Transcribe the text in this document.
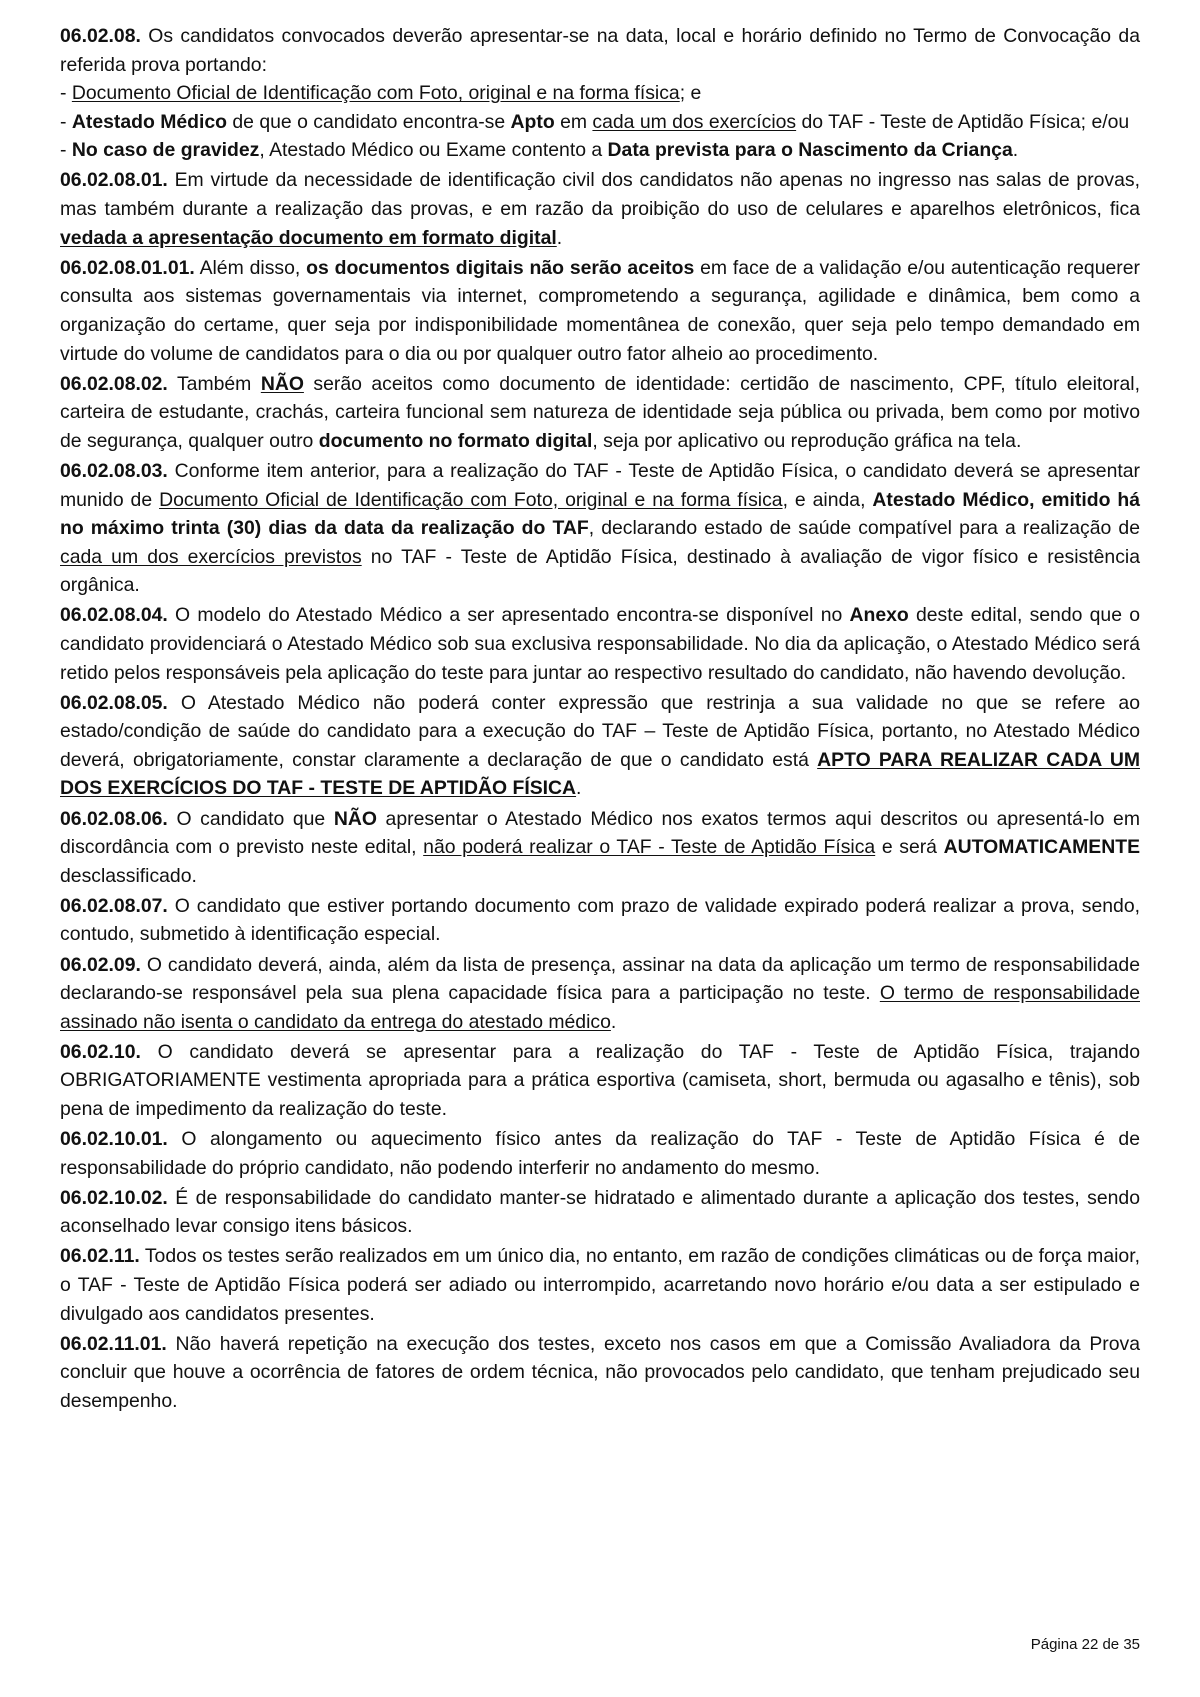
06.02.08. Os candidatos convocados deverão apresentar-se na data, local e horário definido no Termo de Convocação da referida prova portando:

- Documento Oficial de Identificação com Foto, original e na forma física; e

- Atestado Médico de que o candidato encontra-se Apto em cada um dos exercícios do TAF - Teste de Aptidão Física; e/ou

- No caso de gravidez, Atestado Médico ou Exame contento a Data prevista para o Nascimento da Criança.

06.02.08.01. Em virtude da necessidade de identificação civil dos candidatos não apenas no ingresso nas salas de provas, mas também durante a realização das provas, e em razão da proibição do uso de celulares e aparelhos eletrônicos, fica vedada a apresentação documento em formato digital.

06.02.08.01.01. Além disso, os documentos digitais não serão aceitos em face de a validação e/ou autenticação requerer consulta aos sistemas governamentais via internet, comprometendo a segurança, agilidade e dinâmica, bem como a organização do certame, quer seja por indisponibilidade momentânea de conexão, quer seja pelo tempo demandado em virtude do volume de candidatos para o dia ou por qualquer outro fator alheio ao procedimento.

06.02.08.02. Também NÃO serão aceitos como documento de identidade: certidão de nascimento, CPF, título eleitoral, carteira de estudante, crachás, carteira funcional sem natureza de identidade seja pública ou privada, bem como por motivo de segurança, qualquer outro documento no formato digital, seja por aplicativo ou reprodução gráfica na tela.

06.02.08.03. Conforme item anterior, para a realização do TAF - Teste de Aptidão Física, o candidato deverá se apresentar munido de Documento Oficial de Identificação com Foto, original e na forma física, e ainda, Atestado Médico, emitido há no máximo trinta (30) dias da data da realização do TAF, declarando estado de saúde compatível para a realização de cada um dos exercícios previstos no TAF - Teste de Aptidão Física, destinado à avaliação de vigor físico e resistência orgânica.

06.02.08.04. O modelo do Atestado Médico a ser apresentado encontra-se disponível no Anexo deste edital, sendo que o candidato providenciará o Atestado Médico sob sua exclusiva responsabilidade. No dia da aplicação, o Atestado Médico será retido pelos responsáveis pela aplicação do teste para juntar ao respectivo resultado do candidato, não havendo devolução.

06.02.08.05. O Atestado Médico não poderá conter expressão que restrinja a sua validade no que se refere ao estado/condição de saúde do candidato para a execução do TAF – Teste de Aptidão Física, portanto, no Atestado Médico deverá, obrigatoriamente, constar claramente a declaração de que o candidato está APTO PARA REALIZAR CADA UM DOS EXERCÍCIOS DO TAF - TESTE DE APTIDÃO FÍSICA.

06.02.08.06. O candidato que NÃO apresentar o Atestado Médico nos exatos termos aqui descritos ou apresentá-lo em discordância com o previsto neste edital, não poderá realizar o TAF - Teste de Aptidão Física e será AUTOMATICAMENTE desclassificado.

06.02.08.07. O candidato que estiver portando documento com prazo de validade expirado poderá realizar a prova, sendo, contudo, submetido à identificação especial.

06.02.09. O candidato deverá, ainda, além da lista de presença, assinar na data da aplicação um termo de responsabilidade declarando-se responsável pela sua plena capacidade física para a participação no teste. O termo de responsabilidade assinado não isenta o candidato da entrega do atestado médico.

06.02.10. O candidato deverá se apresentar para a realização do TAF - Teste de Aptidão Física, trajando OBRIGATORIAMENTE vestimenta apropriada para a prática esportiva (camiseta, short, bermuda ou agasalho e tênis), sob pena de impedimento da realização do teste.

06.02.10.01. O alongamento ou aquecimento físico antes da realização do TAF - Teste de Aptidão Física é de responsabilidade do próprio candidato, não podendo interferir no andamento do mesmo.

06.02.10.02. É de responsabilidade do candidato manter-se hidratado e alimentado durante a aplicação dos testes, sendo aconselhado levar consigo itens básicos.

06.02.11. Todos os testes serão realizados em um único dia, no entanto, em razão de condições climáticas ou de força maior, o TAF - Teste de Aptidão Física poderá ser adiado ou interrompido, acarretando novo horário e/ou data a ser estipulado e divulgado aos candidatos presentes.

06.02.11.01. Não haverá repetição na execução dos testes, exceto nos casos em que a Comissão Avaliadora da Prova concluir que houve a ocorrência de fatores de ordem técnica, não provocados pelo candidato, que tenham prejudicado seu desempenho.

Página 22 de 35
